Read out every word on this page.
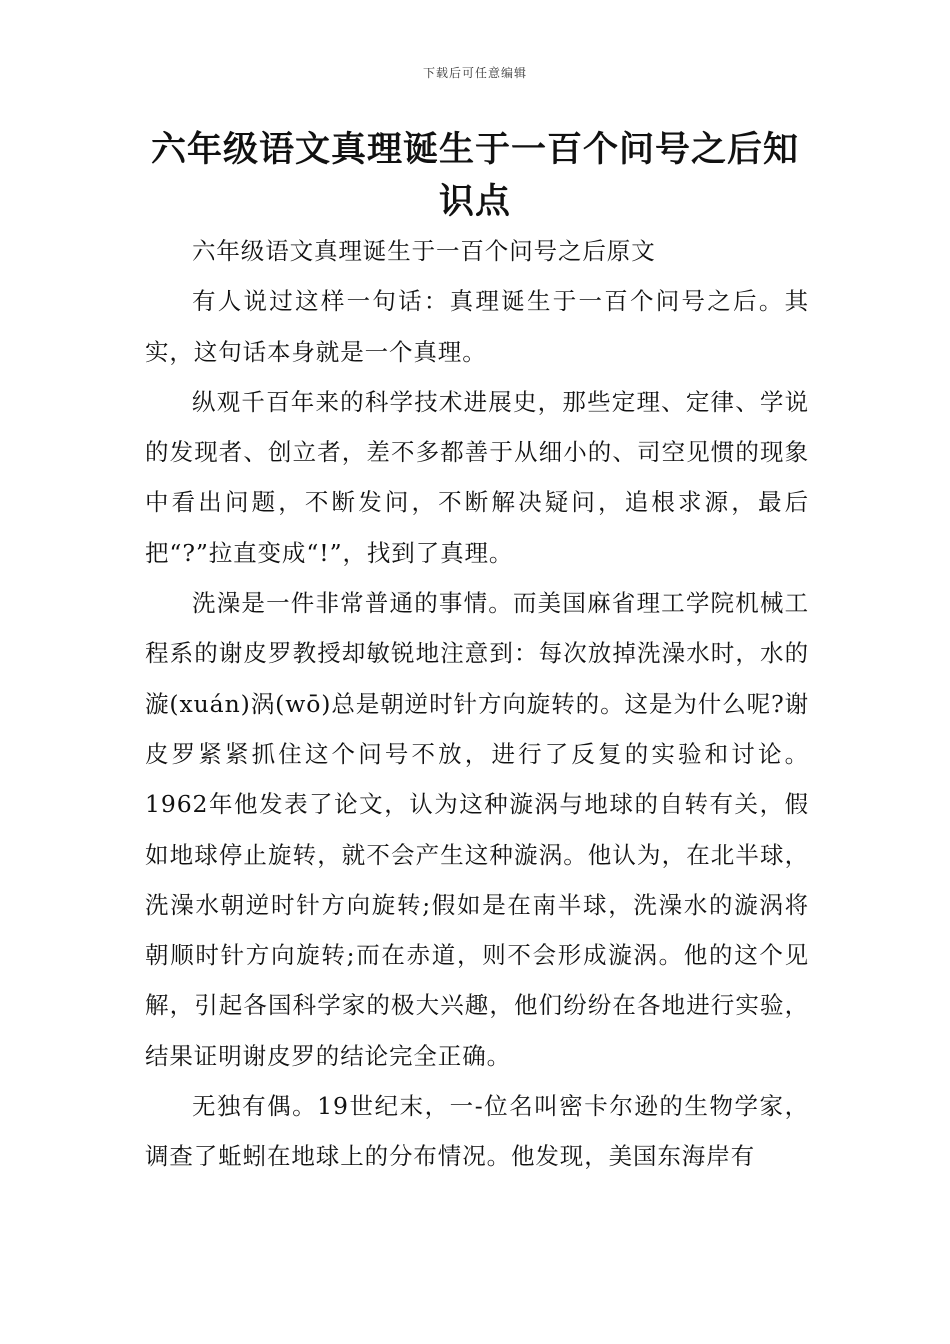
下载后可任意编辑
六年级语文真理诞生于一百个问号之后知识点

六年级语文真理诞生于一百个问号之后原文

有人说过这样一句话：真理诞生于一百个问号之后。其实，这句话本身就是一个真理。

纵观千百年来的科学技术进展史，那些定理、定律、学说的发现者、创立者，差不多都善于从细小的、司空见惯的现象中看出问题，不断发问，不断解决疑问，追根求源，最后把“?”拉直变成“!”，找到了真理。

洗澡是一件非常普通的事情。而美国麻省理工学院机械工程系的谢皮罗教授却敏锐地注意到：每次放掉洗澡水时，水的漩(xuán)涡(wō)总是朝逆时针方向旋转的。这是为什么呢?谢皮罗紧紧抓住这个问号不放，进行了反复的实验和讨论。1962年他发表了论文，认为这种漩涡与地球的自转有关，假如地球停止旋转，就不会产生这种漩涡。他认为，在北半球，洗澡水朝逆时针方向旋转;假如是在南半球，洗澡水的漩涡将朝顺时针方向旋转;而在赤道，则不会形成漩涡。他的这个见解，引起各国科学家的极大兴趣，他们纷纷在各地进行实验，结果证明谢皮罗的结论完全正确。

无独有偶。19世纪末，一-位名叫密卡尔逊的生物学家，调查了蚯蚓在地球上的分布情况。他发现，美国东海岸有
